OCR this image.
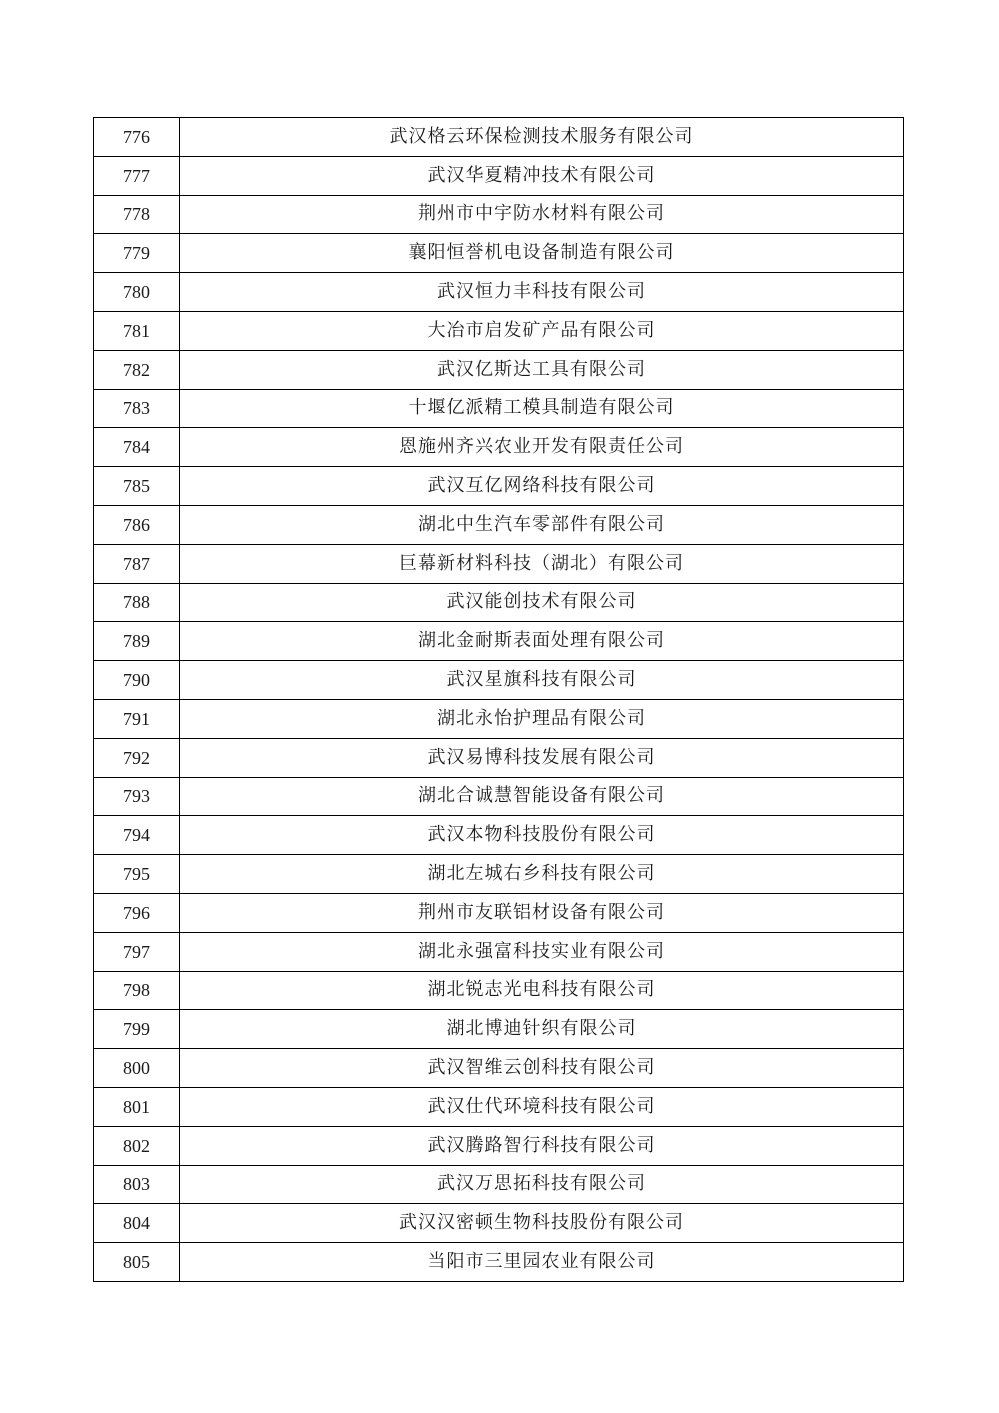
776	武汉格云环保检测技术服务有限公司
777	武汉华夏精冲技术有限公司
778	荆州市中宇防水材料有限公司
779	襄阳恒誉机电设备制造有限公司
780	武汉恒力丰科技有限公司
781	大冶市启发矿产品有限公司
782	武汉亿斯达工具有限公司
783	十堰亿派精工模具制造有限公司
784	恩施州齐兴农业开发有限责任公司
785	武汉互亿网络科技有限公司
786	湖北中生汽车零部件有限公司
787	巨幕新材料科技（湖北）有限公司
788	武汉能创技术有限公司
789	湖北金耐斯表面处理有限公司
790	武汉星旗科技有限公司
791	湖北永怡护理品有限公司
792	武汉易博科技发展有限公司
793	湖北合诚慧智能设备有限公司
794	武汉本物科技股份有限公司
795	湖北左城右乡科技有限公司
796	荆州市友联铝材设备有限公司
797	湖北永强富科技实业有限公司
798	湖北锐志光电科技有限公司
799	湖北博迪针织有限公司
800	武汉智维云创科技有限公司
801	武汉仕代环境科技有限公司
802	武汉腾路智行科技有限公司
803	武汉万思拓科技有限公司
804	武汉汉密顿生物科技股份有限公司
805	当阳市三里园农业有限公司
